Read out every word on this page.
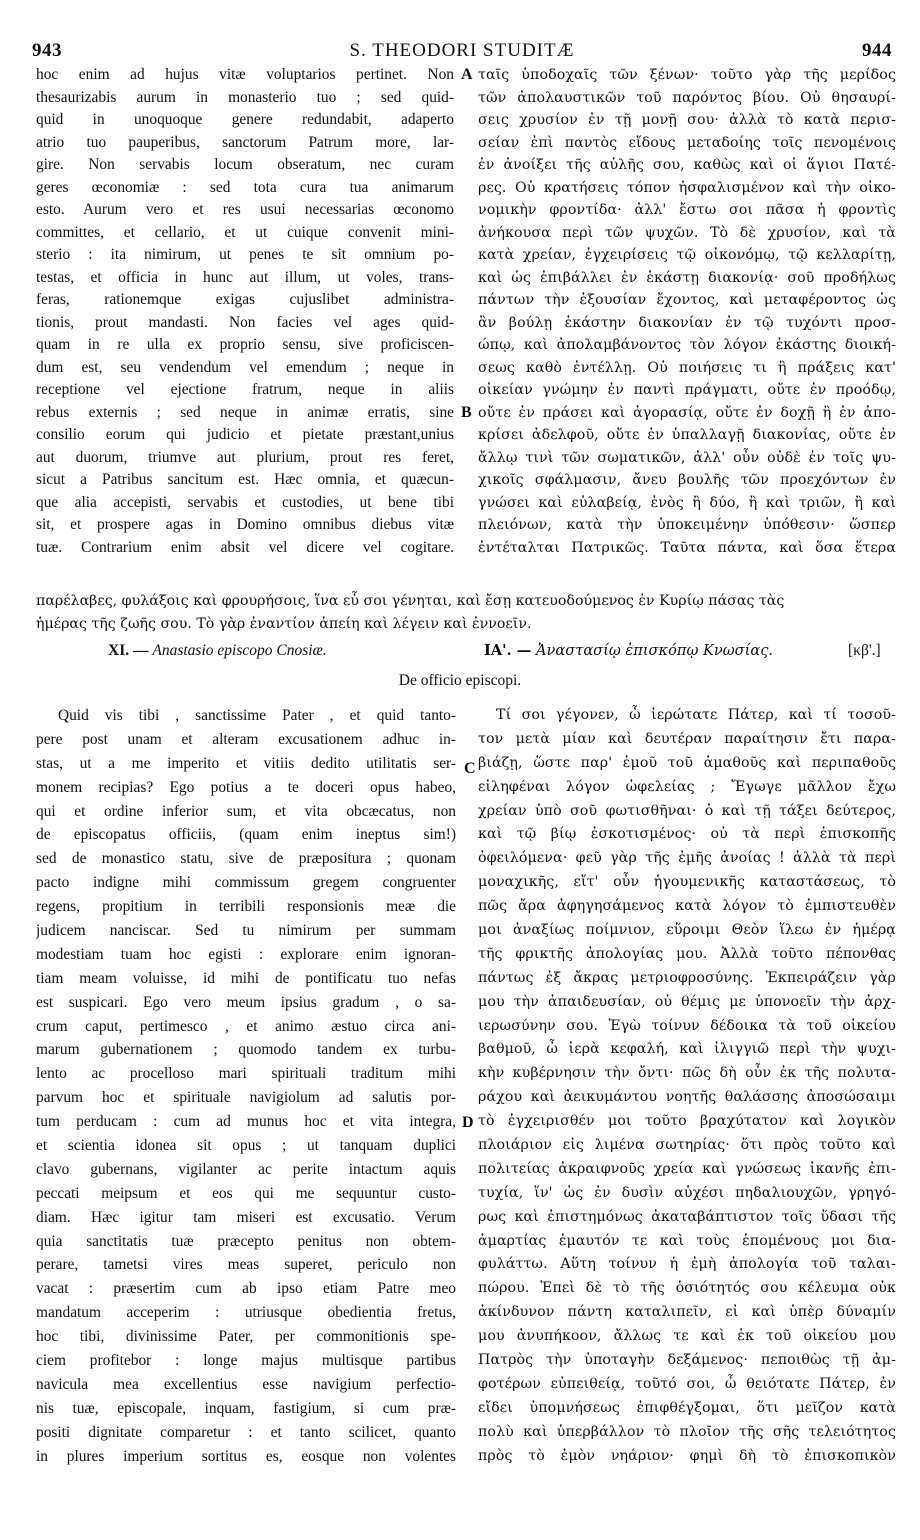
943	S. THEODORI STUDITÆ	944
hoc enim ad hujus vitæ voluptarios pertinet. Non
thesaurizabis aurum in monasterio tuo ; sed quid-
quid in unoquoque genere redundabit, adaperto
atrio tuo pauperibus, sanctorum Patrum more, lar-
gire. Non servabis locum obseratum, nec curam
geres œconomiæ : sed tota cura tua animarum
esto. Aurum vero et res usui necessarias œconomo
committes, et cellario, et ut cuique convenit mini-
sterio : ita nimirum, ut penes te sit omnium po-
testas, et officia in hunc aut illum, ut voles, trans-
feras, rationemque exigas cujuslibet administra-
tionis, prout mandasti. Non facies vel ages quid-
quam in re ulla ex proprio sensu, sive proficiscen-
dum est, seu vendendum vel emendum ; neque in
receptione vel ejectione fratrum, neque in aliis
rebus externis ; sed neque in animæ erratis, sine
consilio eorum qui judicio et pietate præstant,unius
aut duorum, triumve aut plurium, prout res feret,
sicut a Patribus sancitum est. Hæc omnia, et quæcun-
que alia accepisti, servabis et custodies, ut bene tibi
sit, et prospere agas in Domino omnibus diebus vitæ
tuæ. Contrarium enim absit vel dicere vel cogitare.
ταῖς ὑποδοχαῖς τῶν ξένων· τοῦτο γὰρ τῆς μερίδος
τῶν ἀπολαυστικῶν τοῦ παρόντος βίου. Οὐ θησαυρί-
σεις χρυσίον ἐν τῇ μονῇ σου· ἀλλὰ τὸ κατὰ περισ-
σείαν ἐπὶ παντὸς εἴδους μεταδοίης τοῖς πενομένοις
ἐν ἀνοίξει τῆς αὐλῆς σου, καθὼς καὶ οἱ ἅγιοι Πατέ-
ρες. Οὐ κρατήσεις τόπον ἠσφαλισμένον καὶ τὴν οἰκο-
νομικὴν φροντίδα· ἀλλ' ἔστω σοι πᾶσα ἡ φροντὶς
ἀνήκουσα περὶ τῶν ψυχῶν. Τὸ δὲ χρυσίον, καὶ τὰ
κατὰ χρείαν, ἐγχειρίσεις τῷ οἰκονόμῳ, τῷ κελλαρίτῃ,
καὶ ὡς ἐπιβάλλει ἐν ἑκάστῃ διακονίᾳ· σοῦ προδήλως
πάντων τὴν ἐξουσίαν ἔχοντος, καὶ μεταφέροντος ὡς
ἂν βούλῃ ἑκάστην διακονίαν ἐν τῷ τυχόντι προσ-
ώπῳ, καὶ ἀπολαμβάνοντος τὸν λόγον ἑκάστης διοική-
σεως καθὸ ἐντέλλῃ. Οὐ ποιήσεις τι ἢ πράξεις κατ'
οἰκείαν γνώμην ἐν παντὶ πράγματι, οὔτε ἐν προόδῳ,
οὔτε ἐν πράσει καὶ ἀγορασίᾳ, οὔτε ἐν δοχῇ ἢ ἐν ἀπο-
κρίσει ἀδελφοῦ, οὔτε ἐν ὑπαλλαγῇ διακονίας, οὔτε ἐν
ἄλλῳ τινὶ τῶν σωματικῶν, ἀλλ' οὖν οὐδὲ ἐν τοῖς ψυ-
χικοῖς σφάλμασιν, ἄνευ βουλῆς τῶν προεχόντων ἐν
γνώσει καὶ εὐλαβείᾳ, ἑνὸς ἢ δύο, ἢ καὶ τριῶν, ἢ καὶ
πλειόνων, κατὰ τὴν ὑποκειμένην ὑπόθεσιν· ὥσπερ
ἐντέταλται Πατρικῶς. Ταῦτα πάντα, καὶ ὅσα ἕτερα
A
B
C
D
παρέλαβες, φυλάξοις καὶ φρουρήσοις, ἵνα εὖ σοι γένηται, καὶ ἔσῃ κατευοδούμενος ἐν Κυρίῳ πάσας τὰς
ἡμέρας τῆς ζωῆς σου. Τὸ γὰρ ἐναντίον ἀπείη καὶ λέγειν καὶ ἐννοεῖν.
XI. — Anastasio episcopo Cnosiæ.	ΙΑ'. — Ἀναστασίῳ ἐπισκόπῳ Κνωσίας.	[κβ'.]
De officio episcopi.
Quid vis tibi , sanctissime Pater , et quid tanto-
pere post unam et alteram excusationem adhuc in-
stas, ut a me imperito et vitiis dedito utilitatis ser-
monem recipias? Ego potius a te doceri opus habeo,
qui et ordine inferior sum, et vita obcæcatus, non
de episcopatus officiis, (quam enim ineptus sim!)
sed de monastico statu, sive de præpositura ; quonam
pacto indigne mihi commissum gregem congruenter
regens, propitium in terribili responsionis meæ die
judicem nanciscar. Sed tu nimirum per summam
modestiam tuam hoc egisti : explorare enim ignoran-
tiam meam voluisse, id mihi de pontificatu tuo nefas
est suspicari. Ego vero meum ipsius gradum , o sa-
crum caput, pertimesco , et animo æstuo circa ani-
marum gubernationem ; quomodo tandem ex turbu-
lento ac procelloso mari spirituali traditum mihi
parvum hoc et spirituale navigiolum ad salutis por-
tum perducam : cum ad munus hoc et vita integra,
et scientia idonea sit opus ; ut tanquam duplici
clavo gubernans, vigilanter ac perite intactum aquis
peccati meipsum et eos qui me sequuntur custo-
diam. Hæc igitur tam miseri est excusatio. Verum
quia sanctitatis tuæ præcepto penitus non obtem-
perare, tametsi vires meas superet, periculo non
vacat : præsertim cum ab ipso etiam Patre meo
mandatum acceperim : utriusque obedientia fretus,
hoc tibi, divinissime Pater, per commonitionis spe-
ciem profitebor : longe majus multisque partibus
navicula mea excellentius esse navigium perfectio-
nis tuæ, episcopale, inquam, fastigium, si cum præ-
positi dignitate comparetur : et tanto scilicet, quanto
in plures imperium sortitus es, eosque non volentes
Τί σοι γέγονεν, ὦ ἱερώτατε Πάτερ, καὶ τί τοσοῦ-
τον μετὰ μίαν καὶ δευτέραν παραίτησιν ἔτι παρα-
βιάζῃ, ὥστε παρ' ἐμοῦ τοῦ ἀμαθοῦς καὶ περιπαθοῦς
εἰληφέναι λόγον ὠφελείας ; Ἔγωγε μᾶλλον ἔχω
χρείαν ὑπὸ σοῦ φωτισθῆναι· ὁ καὶ τῇ τάξει δεύτερος,
καὶ τῷ βίῳ ἐσκοτισμένος· οὐ τὰ περὶ ἐπισκοπῆς
ὀφειλόμενα· φεῦ γὰρ τῆς ἐμῆς ἀνοίας ! ἀλλὰ τὰ περὶ
μοναχικῆς, εἴτ' οὖν ἡγουμενικῆς καταστάσεως, τὸ
πῶς ἄρα ἀφηγησάμενος κατὰ λόγον τὸ ἐμπιστευθὲν
μοι ἀναξίως ποίμνιον, εὕροιμι Θεὸν ἵλεω ἐν ἡμέρᾳ
τῆς φρικτῆς ἀπολογίας μου. Ἀλλὰ τοῦτο πέπονθας
πάντως ἐξ ἄκρας μετριοφροσύνης. Ἐκπειράζειν γὰρ
μου τὴν ἀπαιδευσίαν, οὐ θέμις με ὑπονοεῖν τὴν ἀρχ-
ιερωσύνην σου. Ἐγὼ τοίνυν δέδοικα τὰ τοῦ οἰκείου
βαθμοῦ, ὦ ἱερὰ κεφαλή, καὶ ἰλιγγιῶ περὶ τὴν ψυχι-
κὴν κυβέρνησιν τὴν ὄντι· πῶς δὴ οὖν ἐκ τῆς πολυτα-
ράχου καὶ ἀεικυμάντου νοητῆς θαλάσσης ἀποσώσαιμι
τὸ ἐγχειρισθέν μοι τοῦτο βραχύτατον καὶ λογικὸν
πλοιάριον εἰς λιμένα σωτηρίας· ὅτι πρὸς τοῦτο καὶ
πολιτείας ἀκραιφνοῦς χρεία καὶ γνώσεως ἱκανῆς ἐπι-
τυχία, ἵν' ὡς ἐν δυσὶν αὐχέσι πηδαλιουχῶν, γρηγό-
ρως καὶ ἐπιστημόνως ἀκαταβάπτιστον τοῖς ὕδασι τῆς
ἁμαρτίας ἐμαυτόν τε καὶ τοὺς ἑπομένους μοι δια-
φυλάττω. Αὕτη τοίνυν ἡ ἐμὴ ἀπολογία τοῦ ταλαι-
πώρου. Ἐπεὶ δὲ τὸ τῆς ὁσιότητός σου κέλευμα οὐκ
ἀκίνδυνον πάντη καταλιπεῖν, εἰ καὶ ὑπὲρ δύναμίν
μου ἀνυπήκοον, ἄλλως τε καὶ ἐκ τοῦ οἰκείου μου
Πατρὸς τὴν ὑποταγὴν δεξάμενος· πεποιθὼς τῇ ἀμ-
φοτέρων εὐπειθείᾳ, τοῦτό σοι, ὦ θειότατε Πάτερ, ἐν
εἴδει ὑπομνήσεως ἐπιφθέγξομαι, ὅτι μεῖζον κατὰ
πολὺ καὶ ὑπερβάλλον τὸ πλοῖον τῆς σῆς τελειότητος
πρὸς τὸ ἐμὸν νηάριον· φημὶ δὴ τὸ ἐπισκοπικὸν
